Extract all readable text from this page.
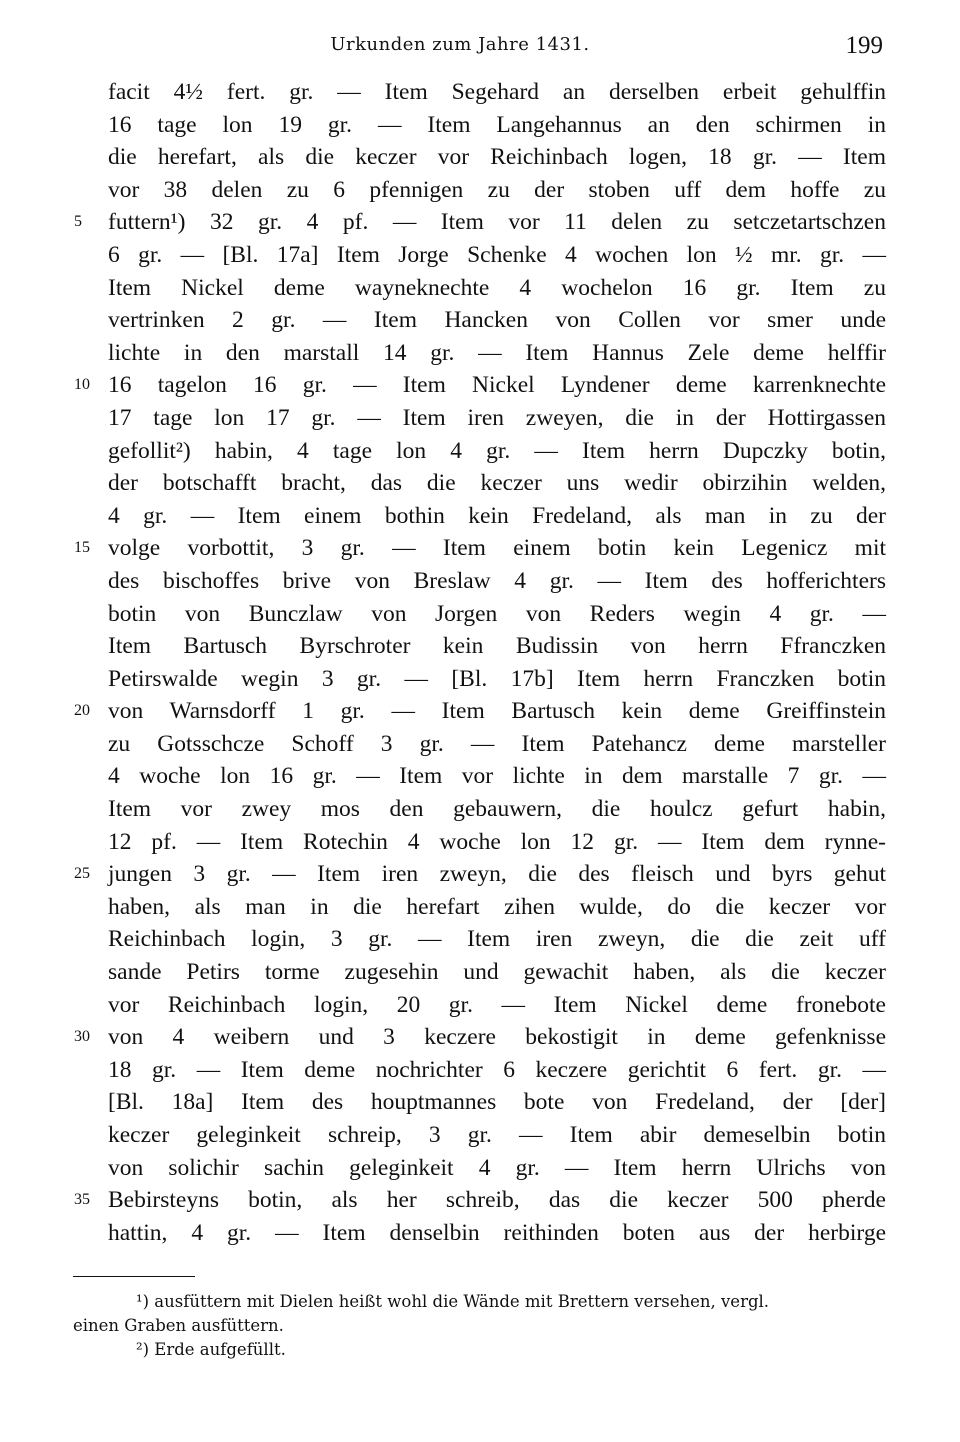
Urkunden zum Jahre 1431.	199
facit 4½ fert. gr. — Item Segehard an derselben erbeit gehulffin
16 tage lon 19 gr. — Item Langehannus an den schirmen in
die herefart, als die keczer vor Reichinbach logen, 18 gr. — Item
vor 38 delen zu 6 pfennigen zu der stoben uff dem hoffe zu
5	futtern¹) 32 gr. 4 pf. — Item vor 11 delen zu setczetartschzen
6 gr. — [Bl. 17a] Item Jorge Schenke 4 wochen lon ½ mr. gr. —
Item Nickel deme wayneknechte 4 wochelon 16 gr. Item zu
vertrinken 2 gr. — Item Hancken von Collen vor smer unde
lichte in den marstall 14 gr. — Item Hannus Zele deme helffir
10 16 tagelon 16 gr. — Item Nickel Lyndener deme karrenknechte
17 tage lon 17 gr. — Item iren zweyen, die in der Hottirgassen
gefollit²) habin, 4 tage lon 4 gr. — Item herrn Dupczky botin,
der botschafft bracht, das die keczer uns wedir obirzihin welden,
4 gr. — Item einem bothin kein Fredeland, als man in zu der
15 volge vorbottit, 3 gr. — Item einem botin kein Legenicz mit
des bischoffes brive von Breslaw 4 gr. — Item des hofferichters
botin von Bunczlaw von Jorgen von Reders wegin 4 gr. —
Item Bartusch Byrschroter kein Budissin von herrn Ffranczken
Petirswalde wegin 3 gr. — [Bl. 17b] Item herrn Franczken botin
20 von Warnsdorff 1 gr. — Item Bartusch kein deme Greiffinstein
zu Gotsschcze Schoff 3 gr. — Item Patehancz deme marsteller
4 woche lon 16 gr. — Item vor lichte in dem marstalle 7 gr. —
Item vor zwey mos den gebauwern, die houlcz gefurt habin,
12 pf. — Item Rotechin 4 woche lon 12 gr. — Item dem rynne-
25 jungen 3 gr. — Item iren zweyn, die des fleisch und byrs gehut
haben, als man in die herefart zihen wulde, do die keczer vor
Reichinbach login, 3 gr. — Item iren zweyn, die die zeit uff
sande Petirs torme zugesehin und gewachit haben, als die keczer
vor Reichinbach login, 20 gr. — Item Nickel deme fronebote
30 von 4 weibern und 3 keczere bekostigit in deme gefenknisse
18 gr. — Item deme nochrichter 6 keczere gerichtit 6 fert. gr. —
[Bl. 18a] Item des houptmannes bote von Fredeland, der [der]
keczer geleginkeit schreip, 3 gr. — Item abir demeselbin botin
von solichir sachin geleginkeit 4 gr. — Item herrn Ulrichs von
35 Bebirsteyns botin, als her schreib, das die keczer 500 pherde
hattin, 4 gr. — Item denselbin reithinden boten aus der herbirge
¹) ausfüttern mit Dielen heißt wohl die Wände mit Brettern versehen, vergl.
einen Graben ausfüttern.
²) Erde aufgefüllt.
